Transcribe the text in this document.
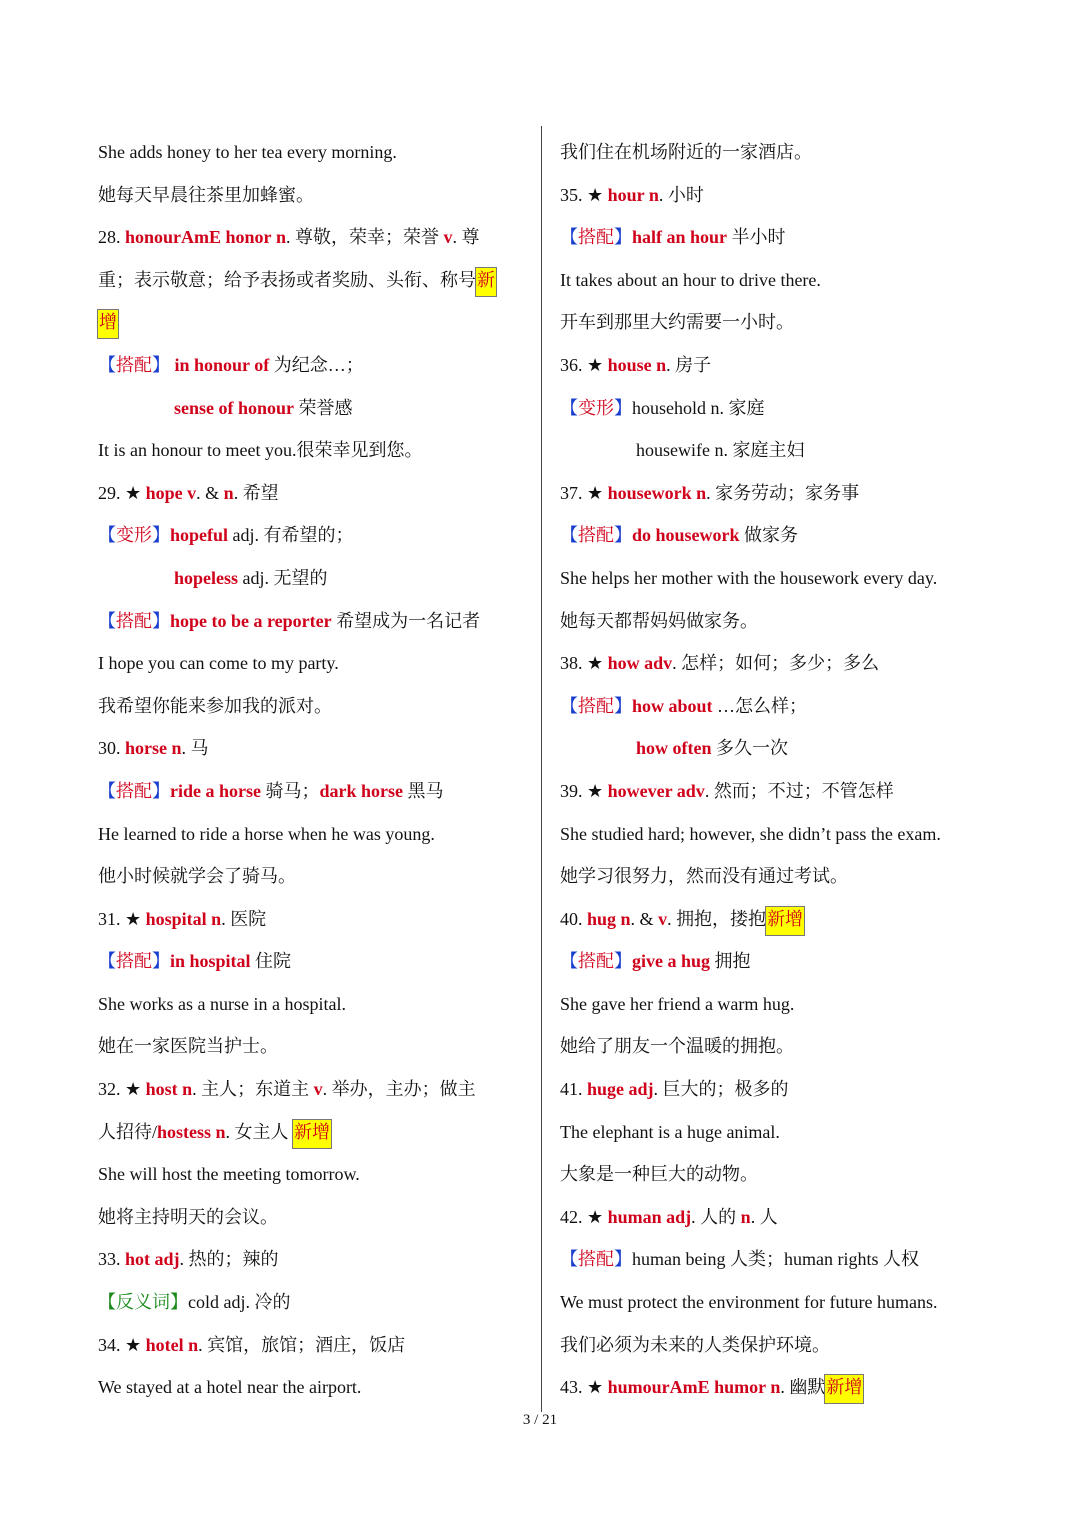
She adds honey to her tea every morning.
她每天早晨往茶里加蜂蜜。
28. honourAmE honor n. 尊敬，荣幸；荣誉 v. 尊
重；表示敬意；给予表扬或者奖励、头衔、称号新
增
【搭配】 in honour of 为纪念…；
sense of honour 荣誉感
It is an honour to meet you.很荣幸见到您。
29. ★ hope v. & n. 希望
【变形】hopeful adj. 有希望的；
hopeless adj. 无望的
【搭配】hope to be a reporter 希望成为一名记者
I hope you can come to my party.
我希望你能来参加我的派对。
30. horse n. 马
【搭配】ride a horse 骑马；dark horse 黑马
He learned to ride a horse when he was young.
他小时候就学会了骑马。
31. ★ hospital n. 医院
【搭配】in hospital 住院
She works as a nurse in a hospital.
她在一家医院当护士。
32. ★ host n. 主人；东道主 v. 举办，主办；做主
人招待/hostess n. 女主人 新增
She will host the meeting tomorrow.
她将主持明天的会议。
33. hot adj. 热的；辣的
【反义词】cold adj. 冷的
34. ★ hotel n. 宾馆，旅馆；酒庄，饭店
We stayed at a hotel near the airport.
我们住在机场附近的一家酒店。
35. ★ hour n. 小时
【搭配】half an hour 半小时
It takes about an hour to drive there.
开车到那里大约需要一小时。
36. ★ house n. 房子
【变形】household n. 家庭
housewife n. 家庭主妇
37. ★ housework n. 家务劳动；家务事
【搭配】do housework 做家务
She helps her mother with the housework every day.
她每天都帮妈妈做家务。
38. ★ how adv. 怎样；如何；多少；多么
【搭配】how about …怎么样；
how often 多久一次
39. ★ however adv. 然而；不过；不管怎样
She studied hard; however, she didn’t pass the exam.
她学习很努力，然而没有通过考试。
40. hug n. & v. 拥抱，搂抱新增
【搭配】give a hug 拥抱
She gave her friend a warm hug.
她给了朋友一个温暖的拥抱。
41. huge adj. 巨大的；极多的
The elephant is a huge animal.
大象是一种巨大的动物。
42. ★ human adj. 人的 n. 人
【搭配】human being 人类；human rights 人权
We must protect the environment for future humans.
我们必须为未来的人类保护环境。
43. ★ humourAmE humor n. 幽默新增
3 / 21
